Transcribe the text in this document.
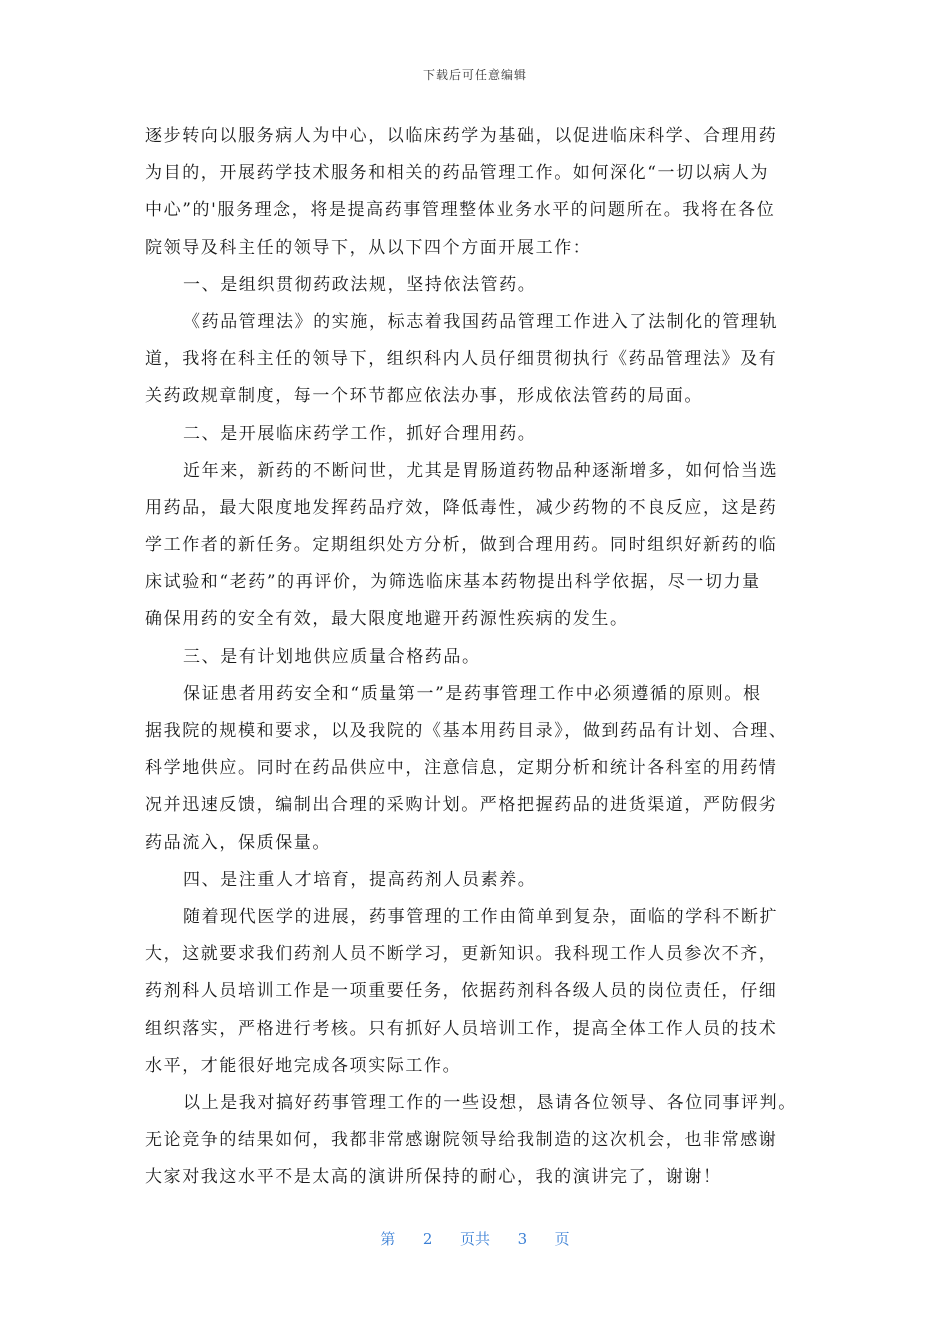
下载后可任意编辑
逐步转向以服务病人为中心，以临床药学为基础，以促进临床科学、合理用药
为目的，开展药学技术服务和相关的药品管理工作。如何深化“一切以病人为
中心”的'服务理念，将是提高药事管理整体业务水平的问题所在。我将在各位
院领导及科主任的领导下，从以下四个方面开展工作：
一、是组织贯彻药政法规，坚持依法管药。
《药品管理法》的实施，标志着我国药品管理工作进入了法制化的管理轨
道，我将在科主任的领导下，组织科内人员仔细贯彻执行《药品管理法》及有
关药政规章制度，每一个环节都应依法办事，形成依法管药的局面。
二、是开展临床药学工作，抓好合理用药。
近年来，新药的不断问世，尤其是胃肠道药物品种逐渐增多，如何恰当选
用药品，最大限度地发挥药品疗效，降低毒性，减少药物的不良反应，这是药
学工作者的新任务。定期组织处方分析，做到合理用药。同时组织好新药的临
床试验和“老药”的再评价，为筛选临床基本药物提出科学依据，尽一切力量
确保用药的安全有效，最大限度地避开药源性疾病的发生。
三、是有计划地供应质量合格药品。
保证患者用药安全和“质量第一”是药事管理工作中必须遵循的原则。根
据我院的规模和要求，以及我院的《基本用药目录》，做到药品有计划、合理、
科学地供应。同时在药品供应中，注意信息，定期分析和统计各科室的用药情
况并迅速反馈，编制出合理的采购计划。严格把握药品的进货渠道，严防假劣
药品流入，保质保量。
四、是注重人才培育，提高药剂人员素养。
随着现代医学的进展，药事管理的工作由简单到复杂，面临的学科不断扩
大，这就要求我们药剂人员不断学习，更新知识。我科现工作人员参次不齐，
药剂科人员培训工作是一项重要任务，依据药剂科各级人员的岗位责任，仔细
组织落实，严格进行考核。只有抓好人员培训工作，提高全体工作人员的技术
水平，才能很好地完成各项实际工作。
以上是我对搞好药事管理工作的一些设想，恳请各位领导、各位同事评判。
无论竞争的结果如何，我都非常感谢院领导给我制造的这次机会，也非常感谢
大家对我这水平不是太高的演讲所保持的耐心，我的演讲完了，谢谢！
第 2 页共 3 页
